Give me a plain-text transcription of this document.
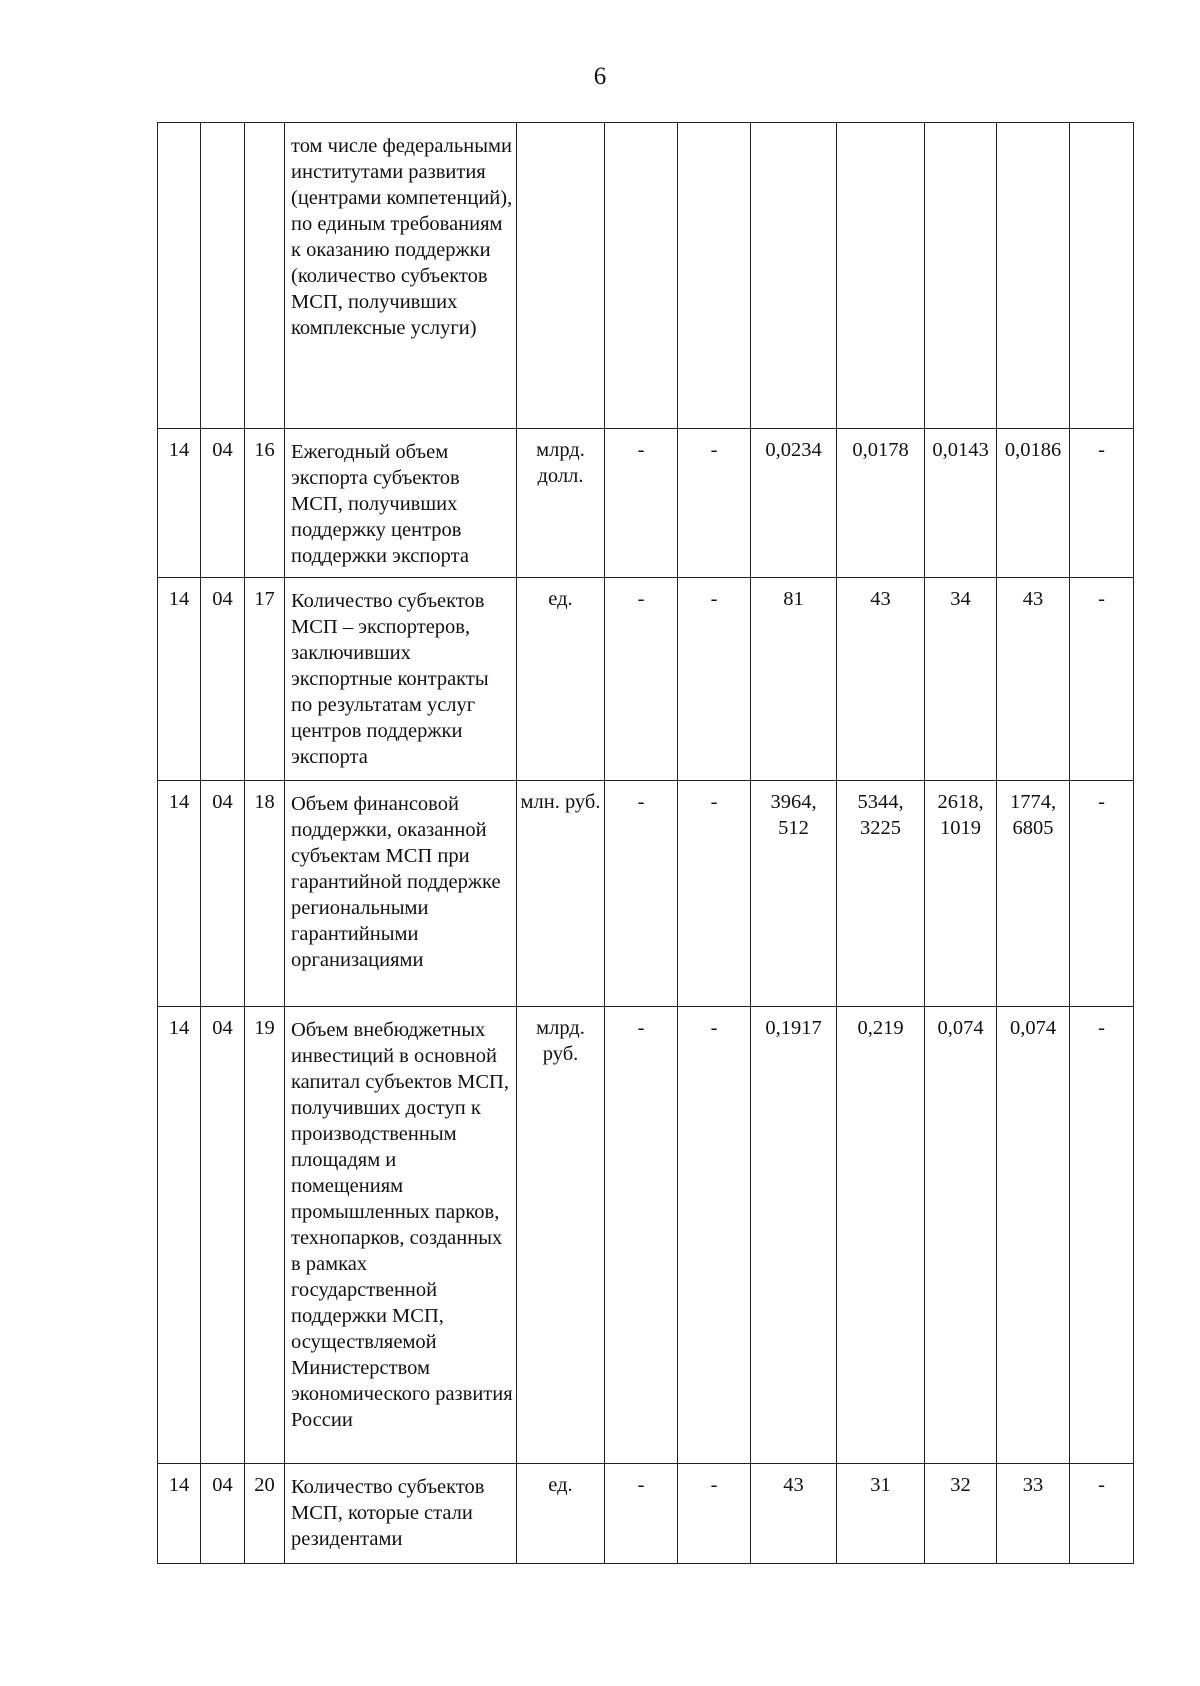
6
			том числе федеральными институтами развития (центрами компетенций), по единым требованиям к оказанию поддержки (количество субъектов МСП, получивших комплексные услуги)								
14	04	16	Ежегодный объем экспорта субъектов МСП, получивших поддержку центров поддержки экспорта	млрд. долл.	-	-	0,0234	0,0178	0,0143	0,0186	-
14	04	17	Количество субъектов МСП – экспортеров, заключивших экспортные контракты по результатам услуг центров поддержки экспорта	ед.	-	-	81	43	34	43	-
14	04	18	Объем финансовой поддержки, оказанной субъектам МСП при гарантийной поддержке региональными гарантийными организациями	млн. руб.	-	-	3964, 512	5344, 3225	2618, 1019	1774, 6805	-
14	04	19	Объем внебюджетных инвестиций в основной капитал субъектов МСП, получивших доступ к производственным площадям и помещениям промышленных парков, технопарков, созданных в рамках государственной поддержки МСП, осуществляемой Министерством экономического развития России	млрд. руб.	-	-	0,1917	0,219	0,074	0,074	-
14	04	20	Количество субъектов МСП, которые стали резидентами	ед.	-	-	43	31	32	33	-
